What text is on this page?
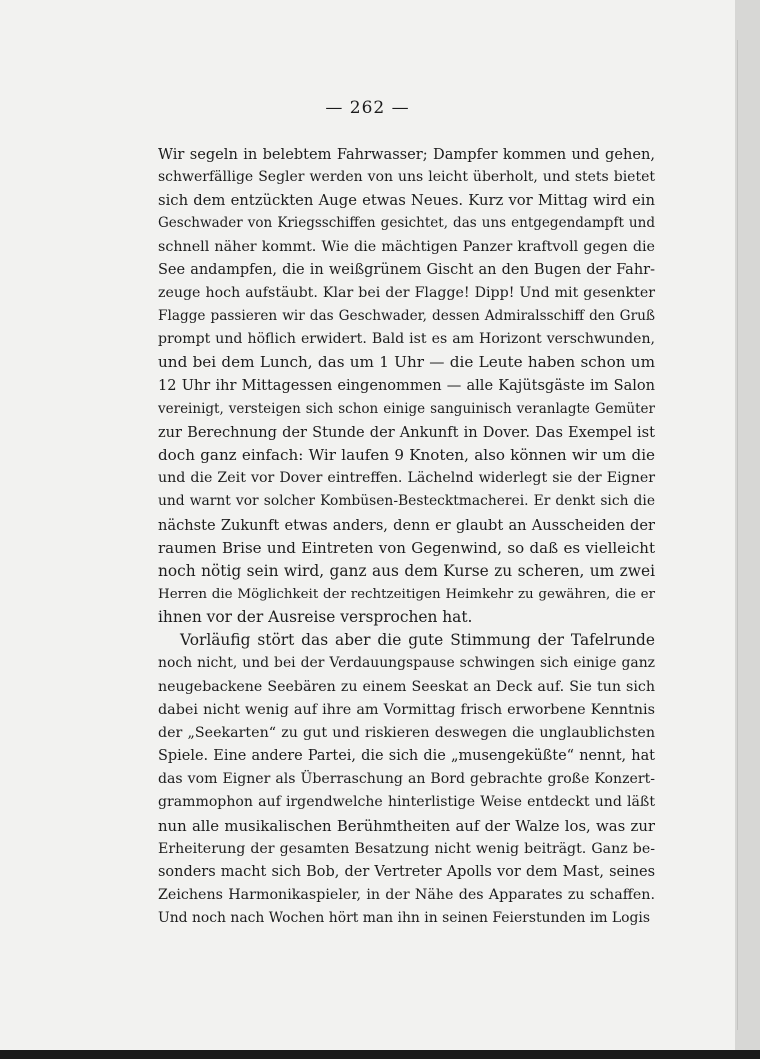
— 262 —
Wir segeln in belebtem Fahrwasser; Dampfer kommen und gehen,
schwerfällige Segler werden von uns leicht überholt, und stets bietet
sich dem entzückten Auge etwas Neues. Kurz vor Mittag wird ein
Geschwader von Kriegsschiffen gesichtet, das uns entgegendampft und
schnell näher kommt. Wie die mächtigen Panzer kraftvoll gegen die
See andampfen, die in weißgrünem Gischt an den Bugen der Fahr-
zeuge hoch aufstäubt. Klar bei der Flagge! Dipp! Und mit gesenkter
Flagge passieren wir das Geschwader, dessen Admiralsschiff den Gruß
prompt und höflich erwidert. Bald ist es am Horizont verschwunden,
und bei dem Lunch, das um 1 Uhr — die Leute haben schon um
12 Uhr ihr Mittagessen eingenommen — alle Kajütsgäste im Salon
vereinigt, versteigen sich schon einige sanguinisch veranlagte Gemüter
zur Berechnung der Stunde der Ankunft in Dover. Das Exempel ist
doch ganz einfach: Wir laufen 9 Knoten, also können wir um die
und die Zeit vor Dover eintreffen. Lächelnd widerlegt sie der Eigner
und warnt vor solcher Kombüsen-Bestecktmacherei. Er denkt sich die
nächste Zukunft etwas anders, denn er glaubt an Ausscheiden der
raumen Brise und Eintreten von Gegenwind, so daß es vielleicht
noch nötig sein wird, ganz aus dem Kurse zu scheren, um zwei
Herren die Möglichkeit der rechtzeitigen Heimkehr zu gewähren, die er
ihnen vor der Ausreise versprochen hat.
Vorläufig stört das aber die gute Stimmung der Tafelrunde
noch nicht, und bei der Verdauungspause schwingen sich einige ganz
neugebackene Seebären zu einem Seeskat an Deck auf. Sie tun sich
dabei nicht wenig auf ihre am Vormittag frisch erworbene Kenntnis
der „Seekarten“ zu gut und riskieren deswegen die unglaublichsten
Spiele. Eine andere Partei, die sich die „musengeküßte“ nennt, hat
das vom Eigner als Überraschung an Bord gebrachte große Konzert-
grammophon auf irgendwelche hinterlistige Weise entdeckt und läßt
nun alle musikalischen Berühmtheiten auf der Walze los, was zur
Erheiterung der gesamten Besatzung nicht wenig beiträgt. Ganz be-
sonders macht sich Bob, der Vertreter Apolls vor dem Mast, seines
Zeichens Harmonikaspieler, in der Nähe des Apparates zu schaffen.
Und noch nach Wochen hört man ihn in seinen Feierstunden im Logis
